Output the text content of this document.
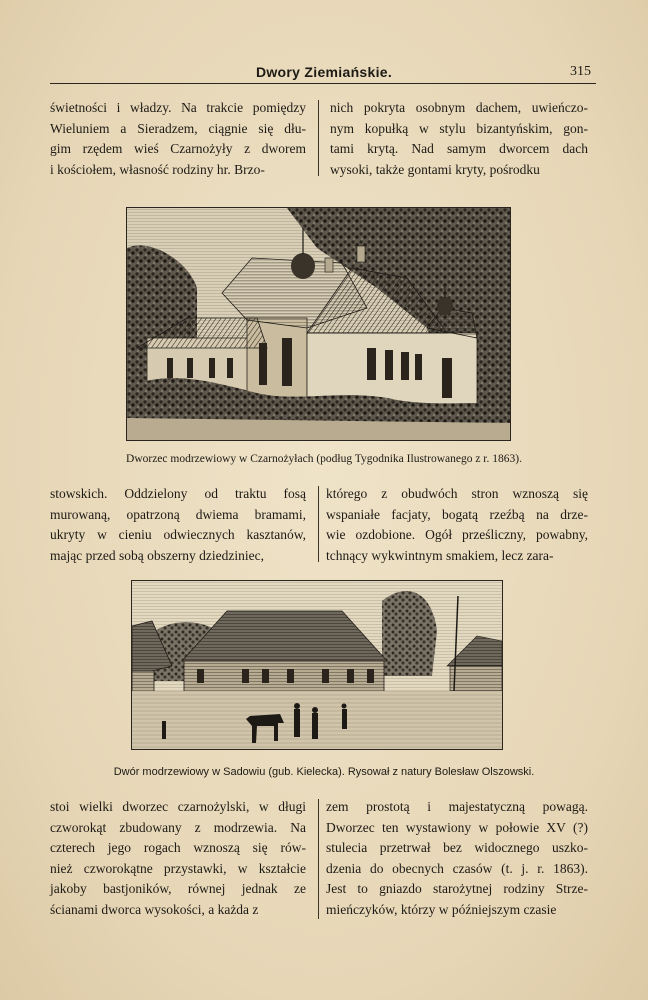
Dwory Ziemiańskie.	315
świetności i władzy. Na trakcie pomiędzy
Wieluniem a Sieradzem, ciągnie się dłu-
gim rzędem wieś Czarnożyły z dworem
i kościołem, własność rodziny hr. Brzo-
nich pokryta osobnym dachem, uwieńczo-
nym kopułką w stylu bizantyńskim, gon-
tami krytą. Nad samym dworcem dach
wysoki, także gontami kryty, pośrodku
Dworzec modrzewiowy w Czarnożyłach (podług Tygodnika Ilustrowanego z r. 1863).
stowskich. Oddzielony od traktu fosą
murowaną, opatrzoną dwiema bramami,
ukryty w cieniu odwiecznych kasztanów,
mając przed sobą obszerny dziedziniec,
którego z obudwóch stron wznoszą się
wspaniałe facjaty, bogatą rzeźbą na drze-
wie ozdobione. Ogół prześliczny, powabny,
tchnący wykwintnym smakiem, lecz zara-
Dwór modrzewiowy w Sadowiu (gub. Kielecka). Rysował z natury Bolesław Olszowski.
stoi wielki dworzec czarnożylski, w długi
czworokąt zbudowany z modrzewia. Na
czterech jego rogach wznoszą się rów-
nież czworokątne przystawki, w kształcie
jakoby bastjoników, równej jednak ze
ścianami dworca wysokości, a każda z
zem prostotą i majestatyczną powagą.
Dworzec ten wystawiony w połowie XV (?)
stulecia przetrwał bez widocznego uszko-
dzenia do obecnych czasów (t. j. r. 1863).
Jest to gniazdo starożytnej rodziny Strze-
mieńczyków, którzy w późniejszym czasie
